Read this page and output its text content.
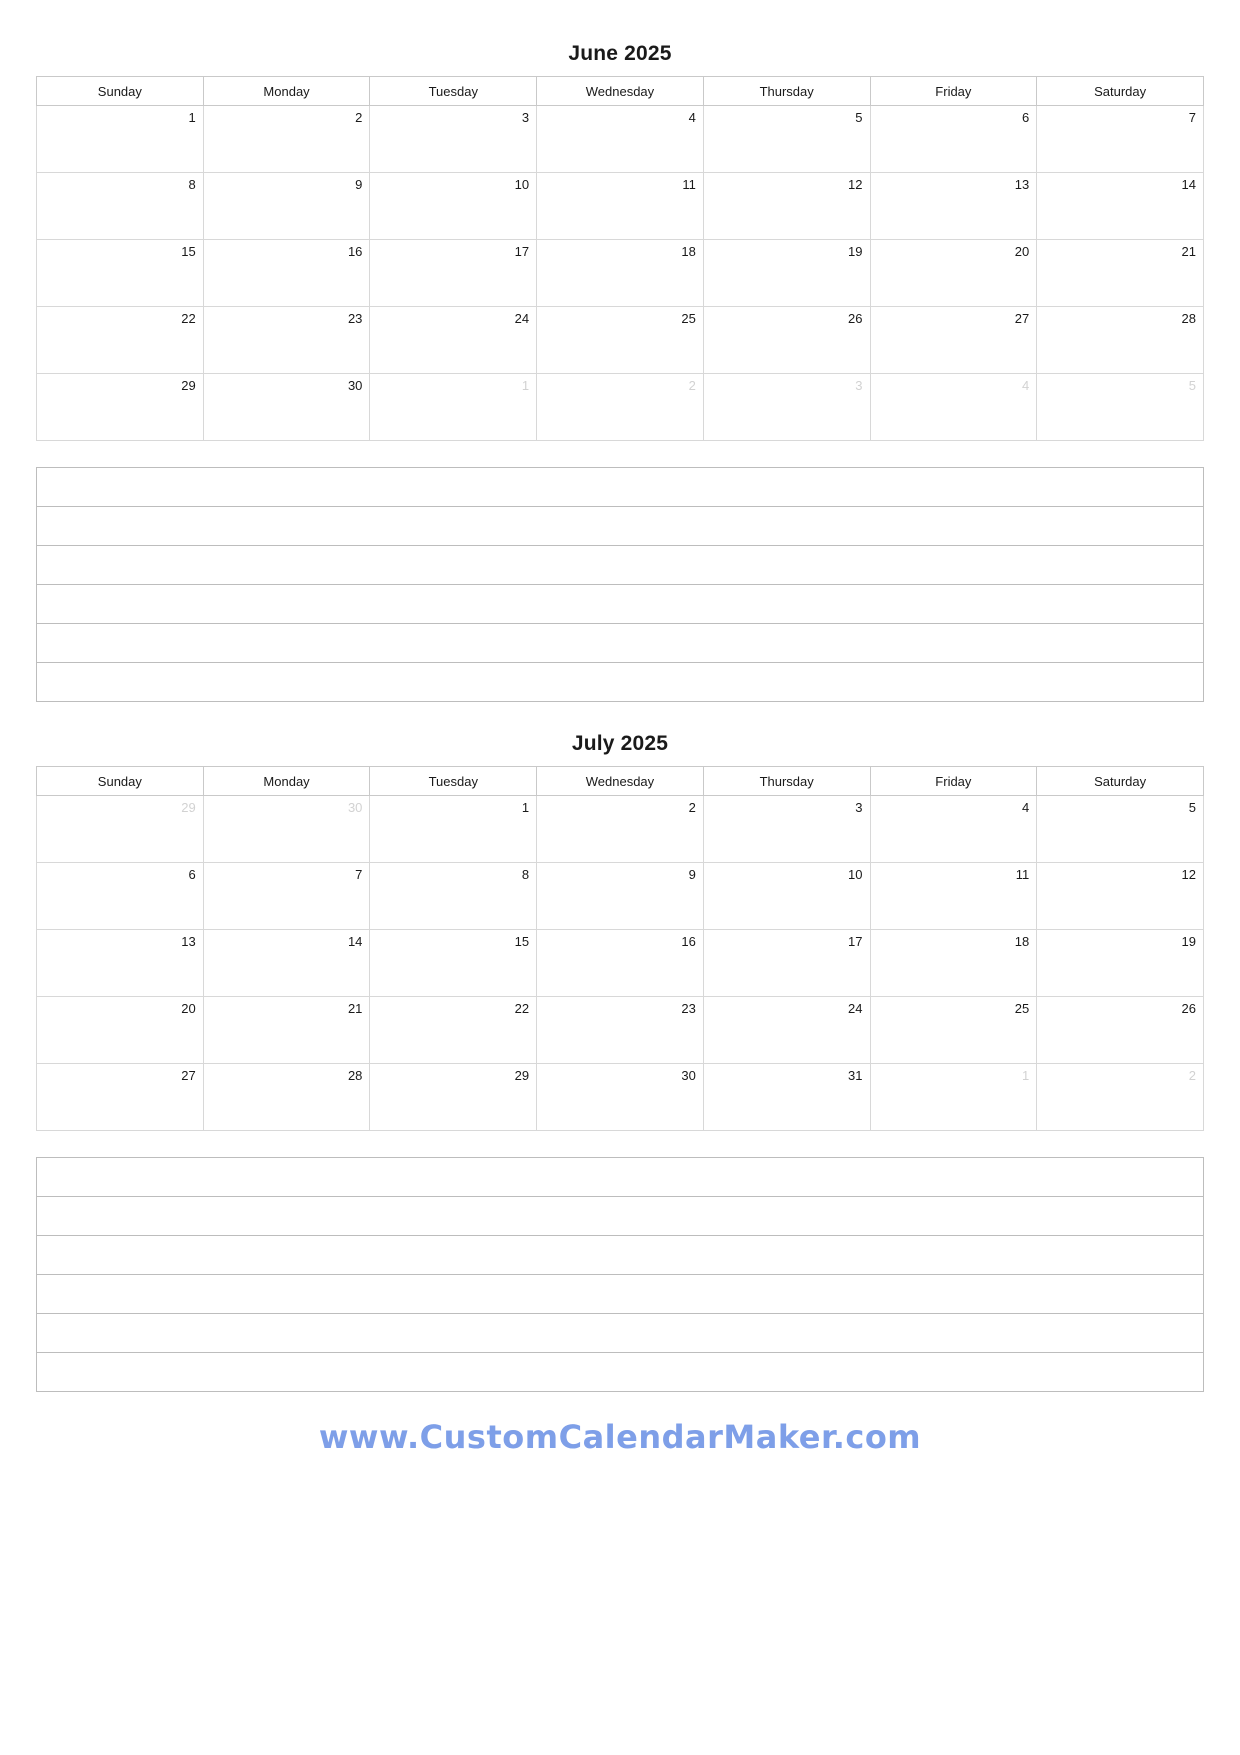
June 2025
Sunday	Monday	Tuesday	Wednesday	Thursday	Friday	Saturday
1	2	3	4	5	6	7
8	9	10	11	12	13	14
15	16	17	18	19	20	21
22	23	24	25	26	27	28
29	30	1	2	3	4	5

July 2025
Sunday	Monday	Tuesday	Wednesday	Thursday	Friday	Saturday
29	30	1	2	3	4	5
6	7	8	9	10	11	12
13	14	15	16	17	18	19
20	21	22	23	24	25	26
27	28	29	30	31	1	2

www.CustomCalendarMaker.com
